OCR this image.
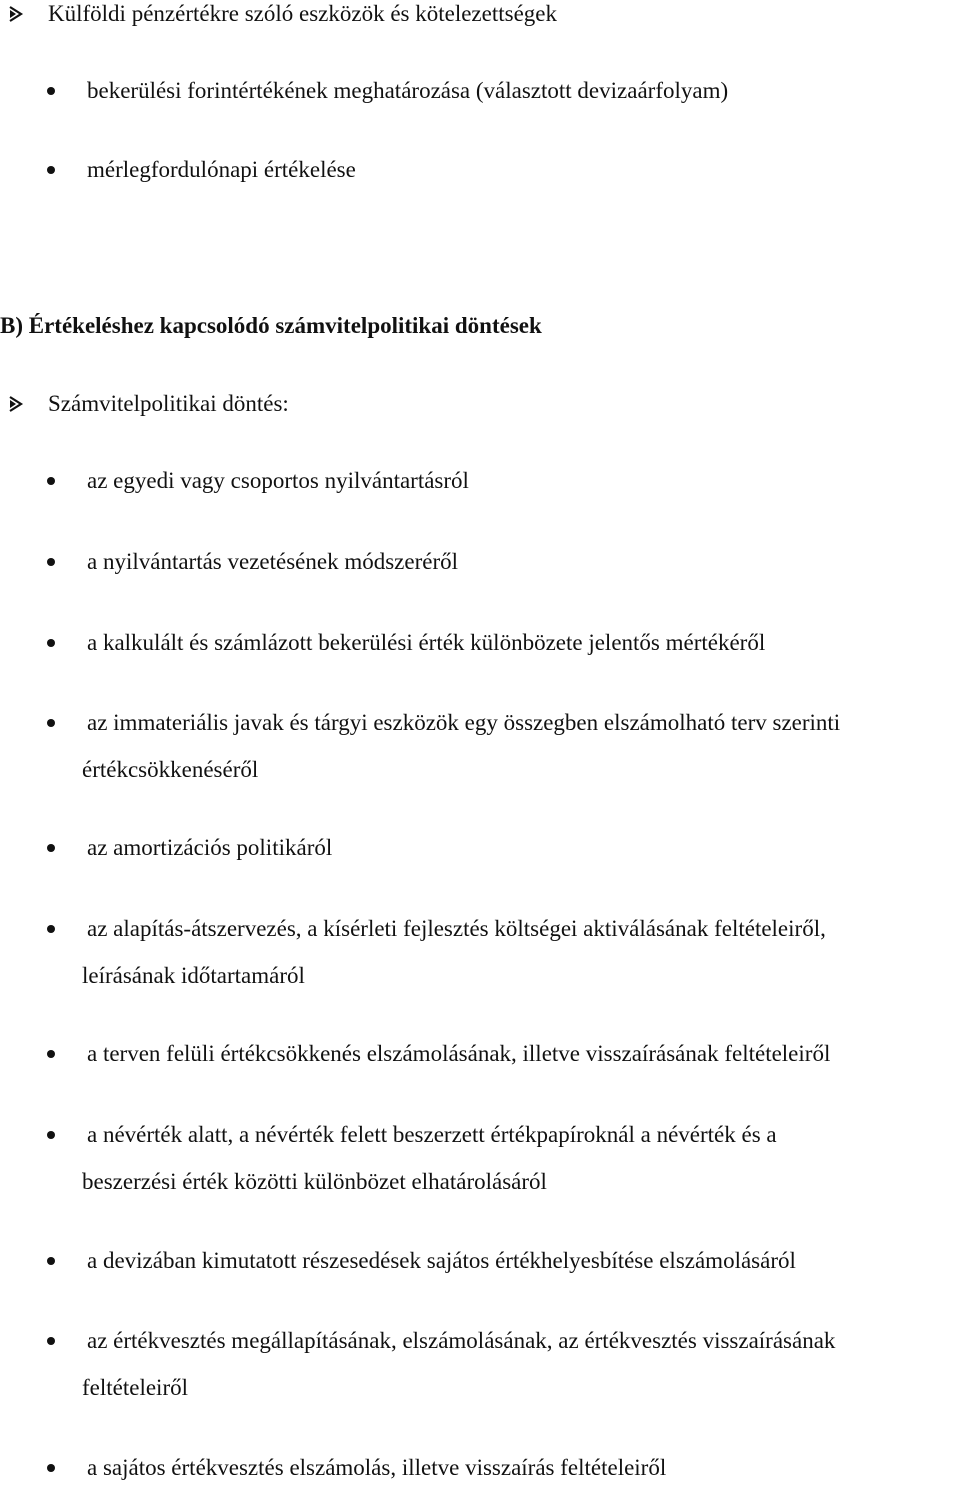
Külföldi pénzértékre szóló eszközök és kötelezettségek
bekerülési forintértékének meghatározása (választott devizaárfolyam)
mérlegfordulónapi értékelése
B) Értékeléshez kapcsolódó számvitelpolitikai döntések
Számvitelpolitikai döntés:
az egyedi vagy csoportos nyilvántartásról
a nyilvántartás vezetésének módszeréről
a kalkulált és számlázott bekerülési érték különbözete jelentős mértékéről
az immateriális javak és tárgyi eszközök egy összegben elszámolható terv szerinti
értékcsökkenéséről
az amortizációs politikáról
az alapítás-átszervezés, a kísérleti fejlesztés költségei aktiválásának feltételeiről,
leírásának időtartamáról
a terven felüli értékcsökkenés elszámolásának, illetve visszaírásának feltételeiről
a névérték alatt, a névérték felett beszerzett értékpapíroknál a névérték és a
beszerzési érték közötti különbözet elhatárolásáról
a devizában kimutatott részesedések sajátos értékhelyesbítése elszámolásáról
az értékvesztés megállapításának, elszámolásának, az értékvesztés visszaírásának
feltételeiről
a sajátos értékvesztés elszámolás, illetve visszaírás feltételeiről
